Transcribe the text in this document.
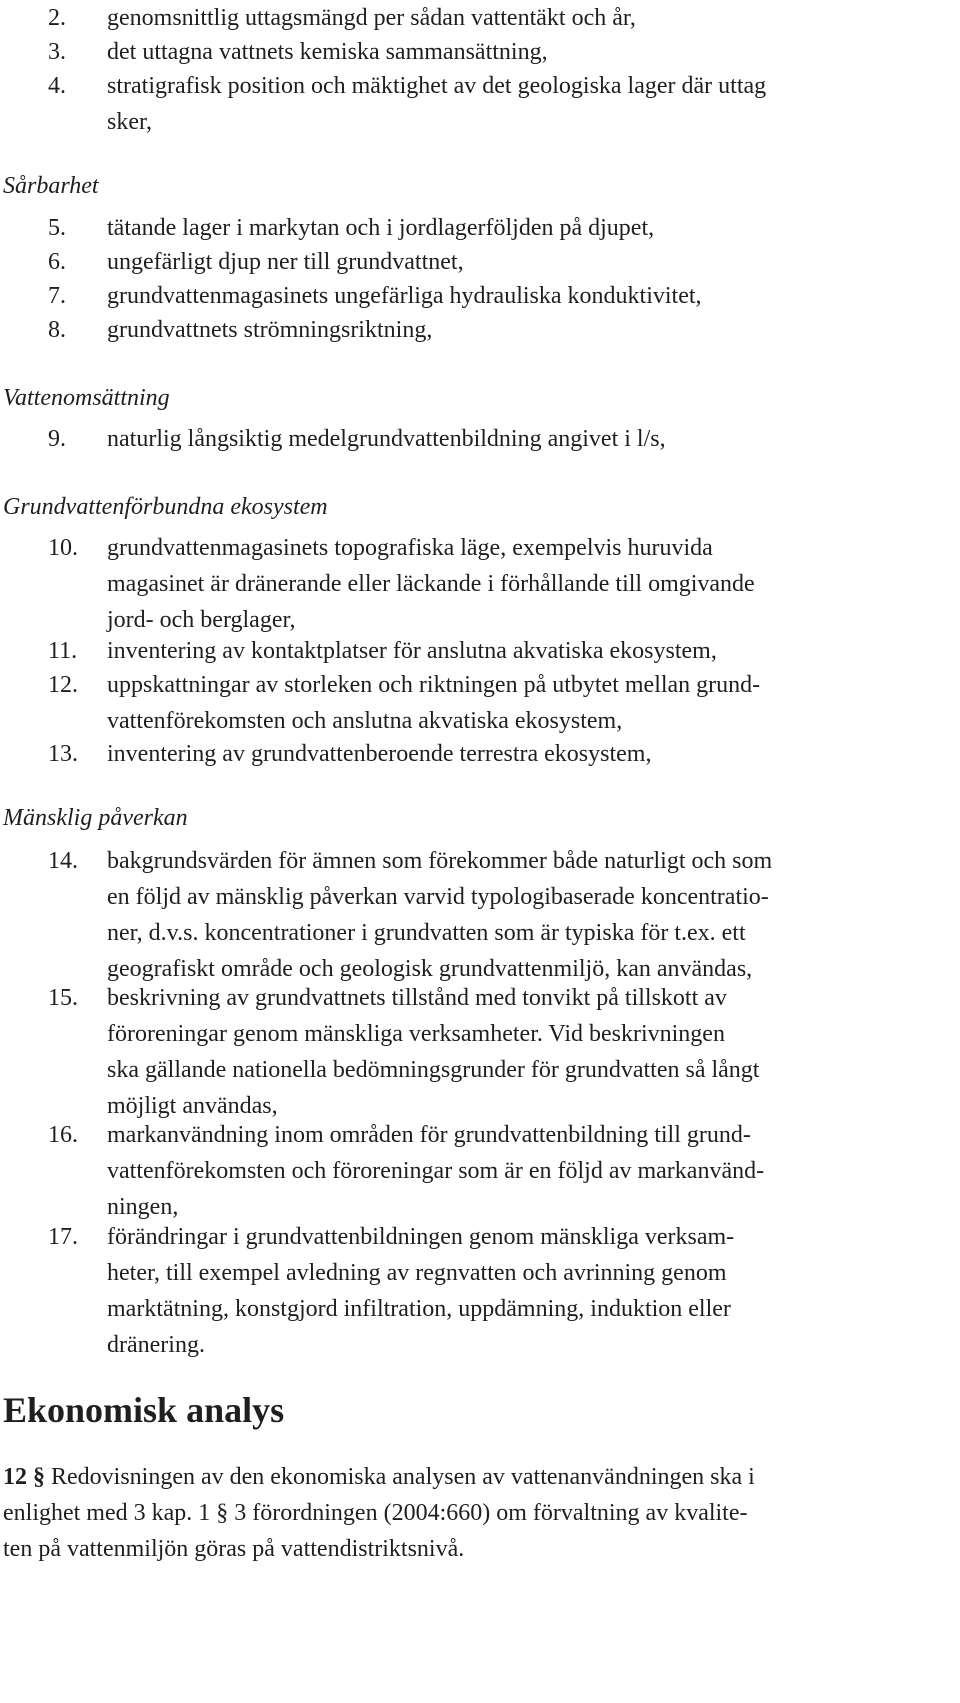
2. genomsnittlig uttagsmängd per sådan vattentäkt och år,
3. det uttagna vattnets kemiska sammansättning,
4. stratigrafisk position och mäktighet av det geologiska lager där uttag
sker,
Sårbarhet
5. tätande lager i markytan och i jordlagerföljden på djupet,
6. ungefärligt djup ner till grundvattnet,
7. grundvattenmagasinets ungefärliga hydrauliska konduktivitet,
8. grundvattnets strömningsriktning,
Vattenomsättning
9. naturlig långsiktig medelgrundvattenbildning angivet i l/s,
Grundvattenförbundna ekosystem
10. grundvattenmagasinets topografiska läge, exempelvis huruvida
magasinet är dränerande eller läckande i förhållande till omgivande
jord- och berglager,
11. inventering av kontaktplatser för anslutna akvatiska ekosystem,
12. uppskattningar av storleken och riktningen på utbytet mellan grund-
vattenförekomsten och anslutna akvatiska ekosystem,
13. inventering av grundvattenberoende terrestra ekosystem,
Mänsklig påverkan
14. bakgrundsvärden för ämnen som förekommer både naturligt och som
en följd av mänsklig påverkan varvid typologibaserade koncentratio-
ner, d.v.s. koncentrationer i grundvatten som är typiska för t.ex. ett
geografiskt område och geologisk grundvattenmiljö, kan användas,
15. beskrivning av grundvattnets tillstånd med tonvikt på tillskott av
föroreningar genom mänskliga verksamheter. Vid beskrivningen
ska gällande nationella bedömningsgrunder för grundvatten så långt
möjligt användas,
16. markanvändning inom områden för grundvattenbildning till grund-
vattenförekomsten och föroreningar som är en följd av markanvänd-
ningen,
17. förändringar i grundvattenbildningen genom mänskliga verksam-
heter, till exempel avledning av regnvatten och avrinning genom
marktätning, konstgjord infiltration, uppdämning, induktion eller
dränering.
Ekonomisk analys
12 § Redovisningen av den ekonomiska analysen av vattenanvändningen ska i
enlighet med 3 kap. 1 § 3 förordningen (2004:660) om förvaltning av kvalite-
ten på vattenmiljön göras på vattendistriktsnivå.
